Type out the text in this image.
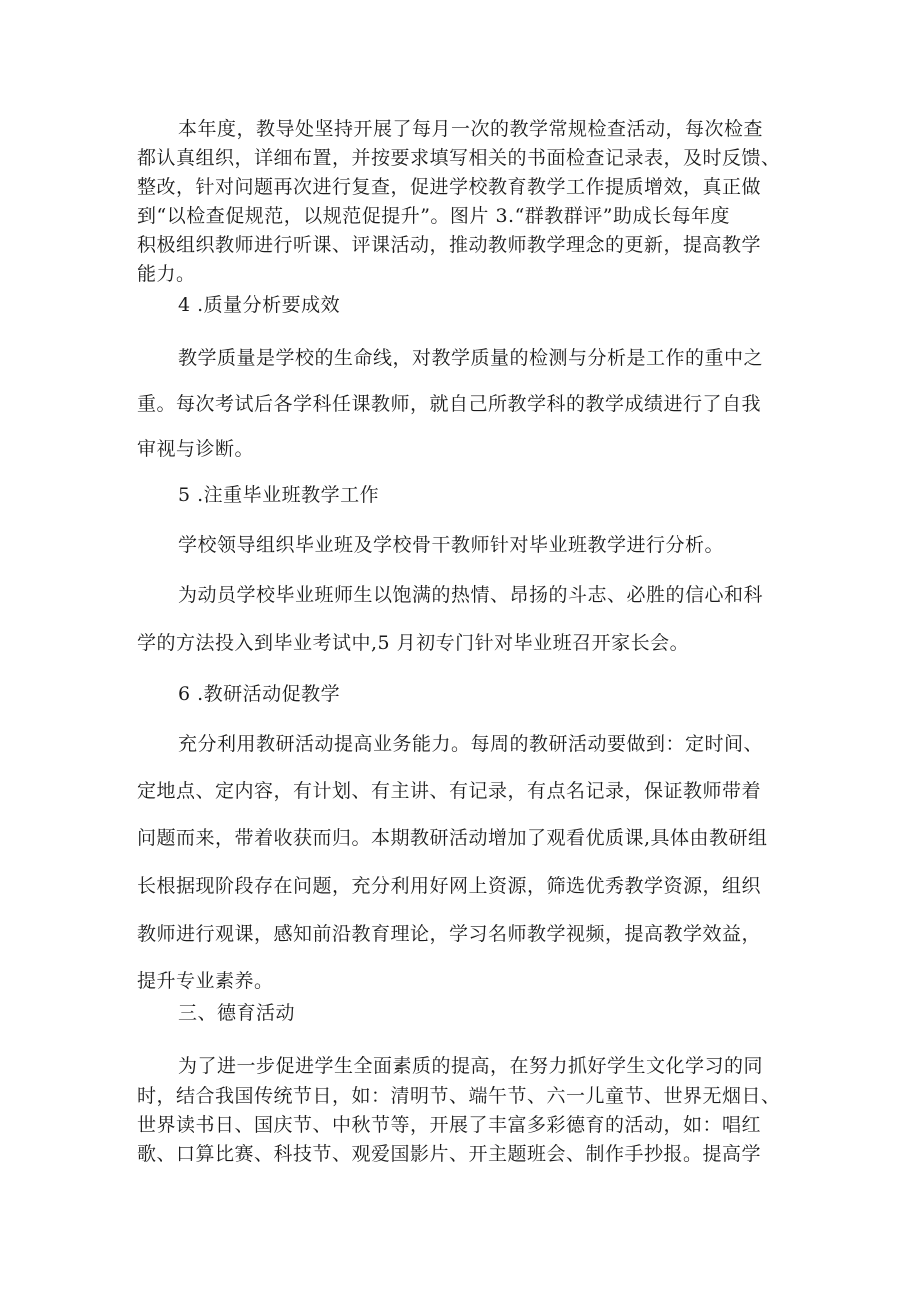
本年度，教导处坚持开展了每月一次的教学常规检查活动，每次检查
都认真组织，详细布置，并按要求填写相关的书面检查记录表，及时反馈、
整改，针对问题再次进行复查，促进学校教育教学工作提质增效，真正做
到“以检查促规范，以规范促提升”。图片 3.“群教群评”助成长每年度
积极组织教师进行听课、评课活动，推动教师教学理念的更新，提高教学
能力。
4 .质量分析要成效
教学质量是学校的生命线，对教学质量的检测与分析是工作的重中之
重。每次考试后各学科任课教师，就自己所教学科的教学成绩进行了自我
审视与诊断。
5 .注重毕业班教学工作
学校领导组织毕业班及学校骨干教师针对毕业班教学进行分析。
为动员学校毕业班师生以饱满的热情、昂扬的斗志、必胜的信心和科
学的方法投入到毕业考试中,5 月初专门针对毕业班召开家长会。
6 .教研活动促教学
充分利用教研活动提高业务能力。每周的教研活动要做到：定时间、
定地点、定内容，有计划、有主讲、有记录，有点名记录，保证教师带着
问题而来，带着收获而归。本期教研活动增加了观看优质课,具体由教研组
长根据现阶段存在问题，充分利用好网上资源，筛选优秀教学资源，组织
教师进行观课，感知前沿教育理论，学习名师教学视频，提高教学效益，
提升专业素养。
三、德育活动
为了进一步促进学生全面素质的提高，在努力抓好学生文化学习的同
时，结合我国传统节日，如：清明节、端午节、六一儿童节、世界无烟日、
世界读书日、国庆节、中秋节等，开展了丰富多彩德育的活动，如：唱红
歌、口算比赛、科技节、观爱国影片、开主题班会、制作手抄报。提高学
